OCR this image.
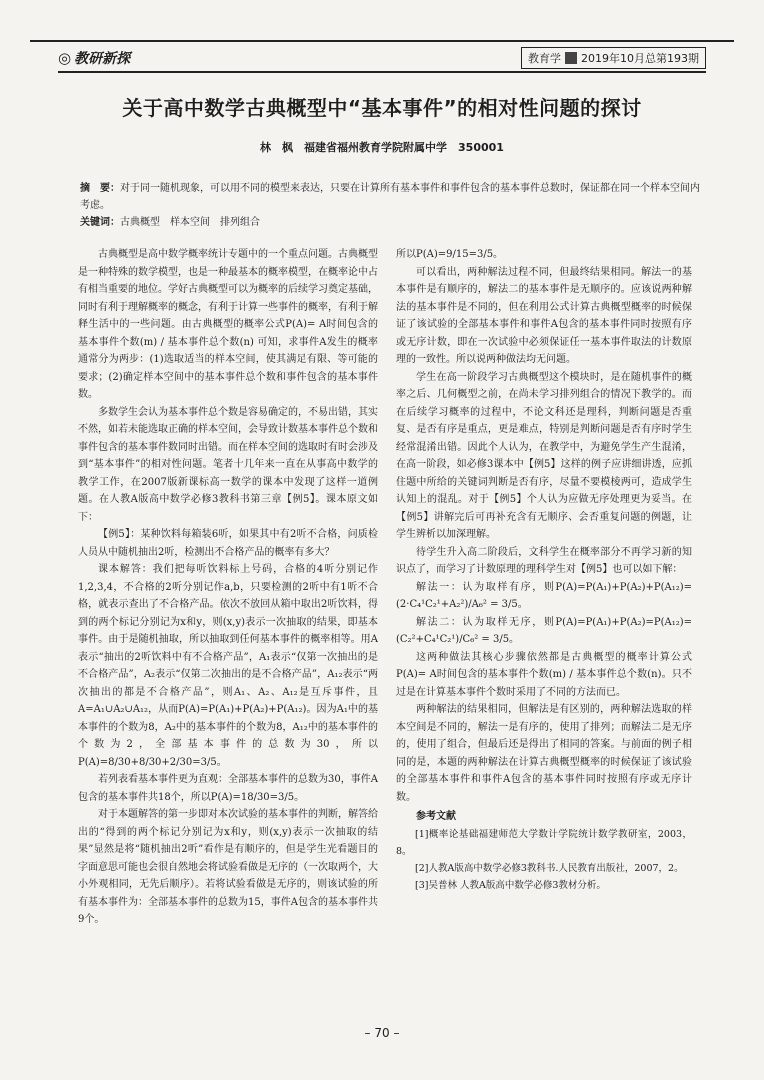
◎ 教研新探	教育学 2019年10月总第193期
关于高中数学古典概型中“基本事件”的相对性问题的探讨
林　枫　福建省福州教育学院附属中学　350001
摘　要：对于同一随机现象，可以用不同的模型来表达，只要在计算所有基本事件和事件包含的基本事件总数时，保证都在同一个样本空间内考虑。
关键词：古典概型　样本空间　排列组合

古典概型是高中数学概率统计专题中的一个重点问题。古典概型是一种特殊的数学模型，也是一种最基本的概率模型，在概率论中占有相当重要的地位。学好古典概型可以为概率的后续学习奠定基础，同时有利于理解概率的概念，有利于计算一些事件的概率，有利于解释生活中的一些问题。由古典概型的概率公式P(A)= A时间包含的基本事件个数(m) / 基本事件总个数(n) 可知，求事件A发生的概率通常分为两步：(1)选取适当的样本空间，使其满足有限、等可能的要求；(2)确定样本空间中的基本事件总个数和事件包含的基本事件数。

多数学生会认为基本事件总个数是容易确定的，不易出错，其实不然，如若未能选取正确的样本空间，会导致计数基本事件总个数和事件包含的基本事件数同时出错。而在样本空间的选取时有时会涉及到“基本事件”的相对性问题。笔者十几年来一直在从事高中数学的教学工作，在2007版新课标高一数学的课本中发现了这样一道例题。在人教A版高中数学必修3教科书第三章【例5】。课本原文如下：

【例5】：某种饮料每箱装6听，如果其中有2听不合格，问质检人员从中随机抽出2听，检测出不合格产品的概率有多大？

课本解答：我们把每听饮料标上号码，合格的4听分别记作1,2,3,4，不合格的2听分别记作a,b，只要检测的2听中有1听不合格，就表示查出了不合格产品。依次不放回从箱中取出2听饮料，得到的两个标记分别记为x和y，则(x,y)表示一次抽取的结果，即基本事件。由于是随机抽取，所以抽取到任何基本事件的概率相等。用A表示“抽出的2听饮料中有不合格产品”，A₁表示“仅第一次抽出的是不合格产品”，A₂表示“仅第二次抽出的是不合格产品”，A₁₂表示“两次抽出的都是不合格产品”，则A₁、A₂、A₁₂是互斥事件，且A=A₁∪A₂∪A₁₂，从而P(A)=P(A₁)+P(A₂)+P(A₁₂)。因为A₁中的基本事件的个数为8，A₂中的基本事件的个数为8，A₁₂中的基本事件的个数为2，全部基本事件的总数为30，所以P(A)=8/30+8/30+2/30=3/5。

若列表看基本事件更为直观：全部基本事件的总数为30，事件A包含的基本事件共18个，所以P(A)=18/30=3/5。

对于本题解答的第一步即对本次试验的基本事件的判断，解答给出的“得到的两个标记分别记为x和y，则(x,y)表示一次抽取的结果”显然是将“随机抽出2听”看作是有顺序的，但是学生光看题目的字面意思可能也会很自然地会将试验看做是无序的（一次取两个，大小外观相同，无先后顺序）。若将试验看做是无序的，则该试验的所有基本事件为：全部基本事件的总数为15，事件A包含的基本事件共9个。

所以P(A)=9/15=3/5。

可以看出，两种解法过程不同，但最终结果相同。解法一的基本事件是有顺序的，解法二的基本事件是无顺序的。应该说两种解法的基本事件是不同的，但在利用公式计算古典概型概率的时候保证了该试验的全部基本事件和事件A包含的基本事件同时按照有序或无序计数，即在一次试验中必须保证任一基本事件取法的计数原理的一致性。所以说两种做法均无问题。

学生在高一阶段学习古典概型这个模块时，是在随机事件的概率之后、几何概型之前，在尚未学习排列组合的情况下教学的。而在后续学习概率的过程中，不论文科还是理科，判断问题是否重复、是否有序是重点，更是难点，特别是判断问题是否有序时学生经常混淆出错。因此个人认为，在教学中，为避免学生产生混淆，在高一阶段，如必修3课本中【例5】这样的例子应讲细讲透，应抓住题中所给的关键词判断是否有序，尽量不要模棱两可，造成学生认知上的混乱。对于【例5】个人认为应做无序处理更为妥当。在【例5】讲解完后可再补充含有无顺序、会否重复问题的例题，让学生辨析以加深理解。

待学生升入高二阶段后，文科学生在概率部分不再学习新的知识点了，而学习了计数原理的理科学生对【例5】也可以如下解：

解法一：认为取样有序，则P(A)=P(A₁)+P(A₂)+P(A₁₂)= (2·C₄¹C₂¹+A₂²)/A₆² = 3/5。

解法二：认为取样无序，则P(A)=P(A₁)+P(A₂)=P(A₁₂)= (C₂²+C₄¹C₂¹)/C₆² = 3/5。

这两种做法其核心步骤依然都是古典概型的概率计算公式P(A)= A时间包含的基本事件个数(m) / 基本事件总个数(n)。只不过是在计算基本事件个数时采用了不同的方法而已。

两种解法的结果相同，但解法是有区别的，两种解法选取的样本空间是不同的，解法一是有序的，使用了排列；而解法二是无序的，使用了组合，但最后还是得出了相同的答案。与前面的例子相同的是，本题的两种解法在计算古典概型概率的时候保证了该试验的全部基本事件和事件A包含的基本事件同时按照有序或无序计数。

参考文献

[1]概率论基础福建师范大学数计学院统计数学教研室，2003，8。

[2]人教A版高中数学必修3教科书.人民教育出版社，2007，2。

[3]吴普林 人教A版高中数学必修3教材分析。

– 70 –
